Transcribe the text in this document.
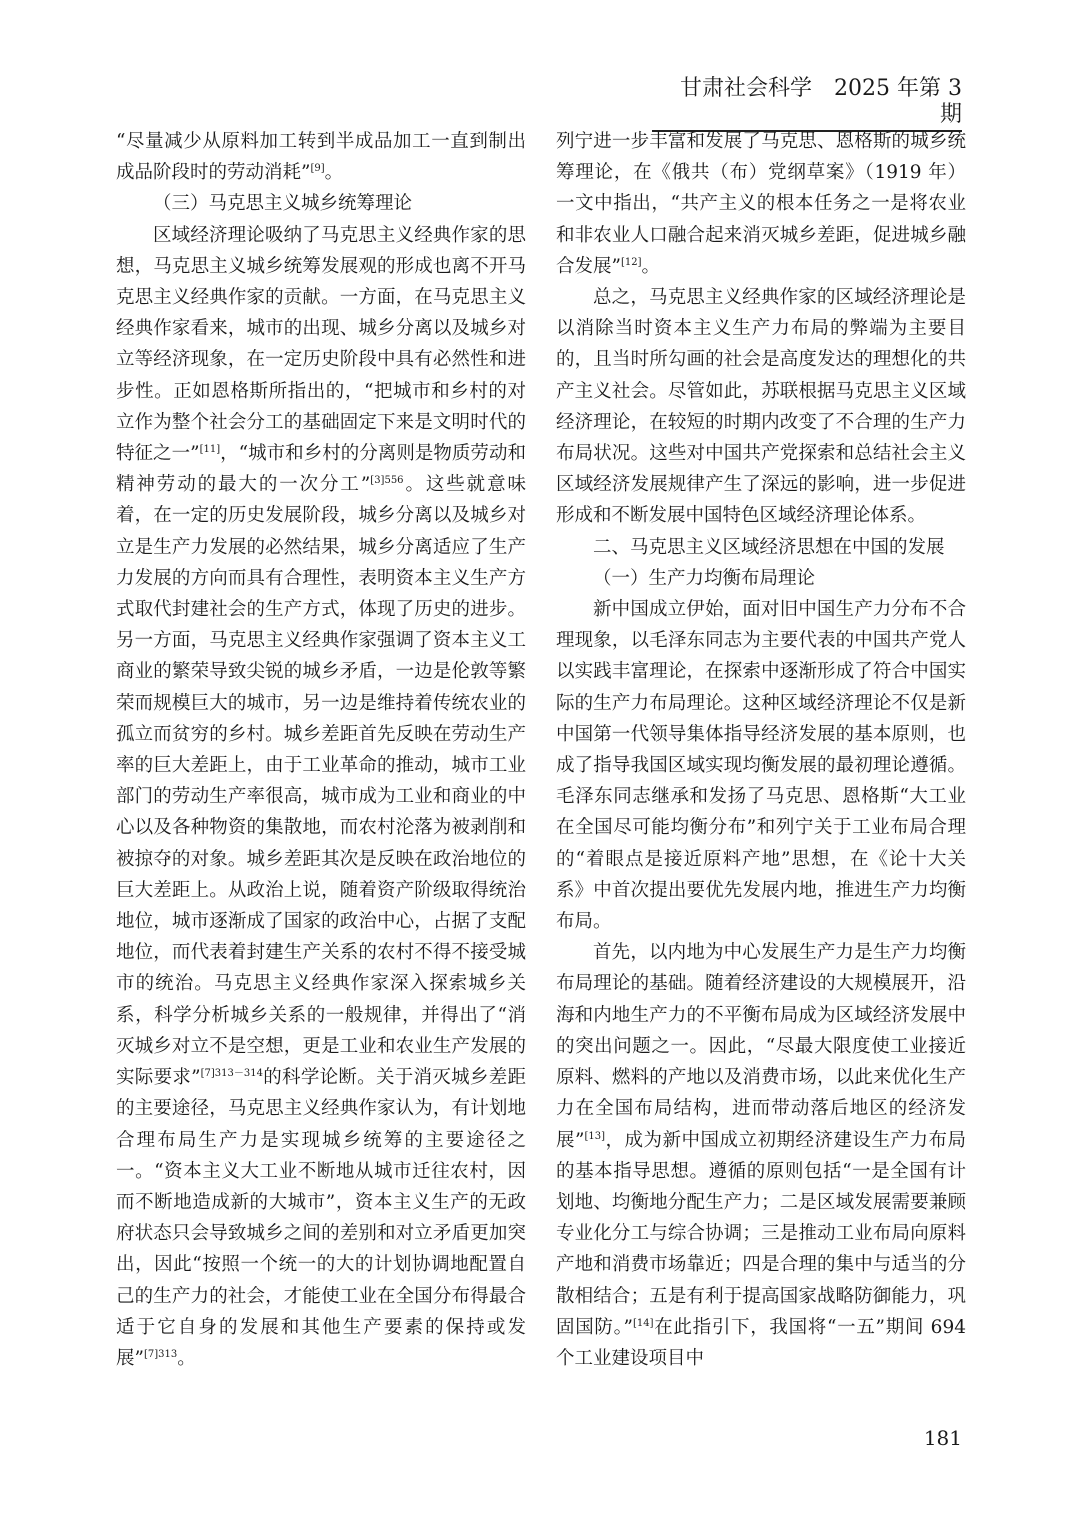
甘肃社会科学　2025 年第 3 期

“尽量减少从原料加工转到半成品加工一直到制出成品阶段时的劳动消耗”[9]。

（三）马克思主义城乡统筹理论

区域经济理论吸纳了马克思主义经典作家的思想，马克思主义城乡统筹发展观的形成也离不开马克思主义经典作家的贡献。一方面，在马克思主义经典作家看来，城市的出现、城乡分离以及城乡对立等经济现象，在一定历史阶段中具有必然性和进步性。正如恩格斯所指出的，“把城市和乡村的对立作为整个社会分工的基础固定下来是文明时代的特征之一”[11]，“城市和乡村的分离则是物质劳动和精神劳动的最大的一次分工”$^{[3]556}$。这些就意味着，在一定的历史发展阶段，城乡分离以及城乡对立是生产力发展的必然结果，城乡分离适应了生产力发展的方向而具有合理性，表明资本主义生产方式取代封建社会的生产方式，体现了历史的进步。另一方面，马克思主义经典作家强调了资本主义工商业的繁荣导致尖锐的城乡矛盾，一边是伦敦等繁荣而规模巨大的城市，另一边是维持着传统农业的孤立而贫穷的乡村。城乡差距首先反映在劳动生产率的巨大差距上，由于工业革命的推动，城市工业部门的劳动生产率很高，城市成为工业和商业的中心以及各种物资的集散地，而农村沦落为被剥削和被掠夺的对象。城乡差距其次是反映在政治地位的巨大差距上。从政治上说，随着资产阶级取得统治地位，城市逐渐成了国家的政治中心，占据了支配地位，而代表着封建生产关系的农村不得不接受城市的统治。马克思主义经典作家深入探索城乡关系，科学分析城乡关系的一般规律，并得出了“消灭城乡对立不是空想，更是工业和农业生产发展的实际要求”$^{[7]313-314}$的科学论断。关于消灭城乡差距的主要途径，马克思主义经典作家认为，有计划地合理布局生产力是实现城乡统筹的主要途径之一。“资本主义大工业不断地从城市迁往农村，因而不断地造成新的大城市”，资本主义生产的无政府状态只会导致城乡之间的差别和对立矛盾更加突出，因此“按照一个统一的大的计划协调地配置自己的生产力的社会，才能使工业在全国分布得最合适于它自身的发展和其他生产要素的保持或发展”$^{[7]313}$。

列宁进一步丰富和发展了马克思、恩格斯的城乡统筹理论，在《俄共（布）党纲草案》（1919 年）一文中指出，“共产主义的根本任务之一是将农业和非农业人口融合起来消灭城乡差距，促进城乡融合发展”[12]。

总之，马克思主义经典作家的区域经济理论是以消除当时资本主义生产力布局的弊端为主要目的，且当时所勾画的社会是高度发达的理想化的共产主义社会。尽管如此，苏联根据马克思主义区域经济理论，在较短的时期内改变了不合理的生产力布局状况。这些对中国共产党探索和总结社会主义区域经济发展规律产生了深远的影响，进一步促进形成和不断发展中国特色区域经济理论体系。

二、马克思主义区域经济思想在中国的发展

（一）生产力均衡布局理论

新中国成立伊始，面对旧中国生产力分布不合理现象，以毛泽东同志为主要代表的中国共产党人以实践丰富理论，在探索中逐渐形成了符合中国实际的生产力布局理论。这种区域经济理论不仅是新中国第一代领导集体指导经济发展的基本原则，也成了指导我国区域实现均衡发展的最初理论遵循。毛泽东同志继承和发扬了马克思、恩格斯“大工业在全国尽可能均衡分布”和列宁关于工业布局合理的“着眼点是接近原料产地”思想，在《论十大关系》中首次提出要优先发展内地，推进生产力均衡布局。

首先，以内地为中心发展生产力是生产力均衡布局理论的基础。随着经济建设的大规模展开，沿海和内地生产力的不平衡布局成为区域经济发展中的突出问题之一。因此，“尽最大限度使工业接近原料、燃料的产地以及消费市场，以此来优化生产力在全国布局结构，进而带动落后地区的经济发展”[13]，成为新中国成立初期经济建设生产力布局的基本指导思想。遵循的原则包括“一是全国有计划地、均衡地分配生产力；二是区域发展需要兼顾专业化分工与综合协调；三是推动工业布局向原料产地和消费市场靠近；四是合理的集中与适当的分散相结合；五是有利于提高国家战略防御能力，巩固国防。”[14]在此指引下，我国将“一五”期间 694 个工业建设项目中

181
